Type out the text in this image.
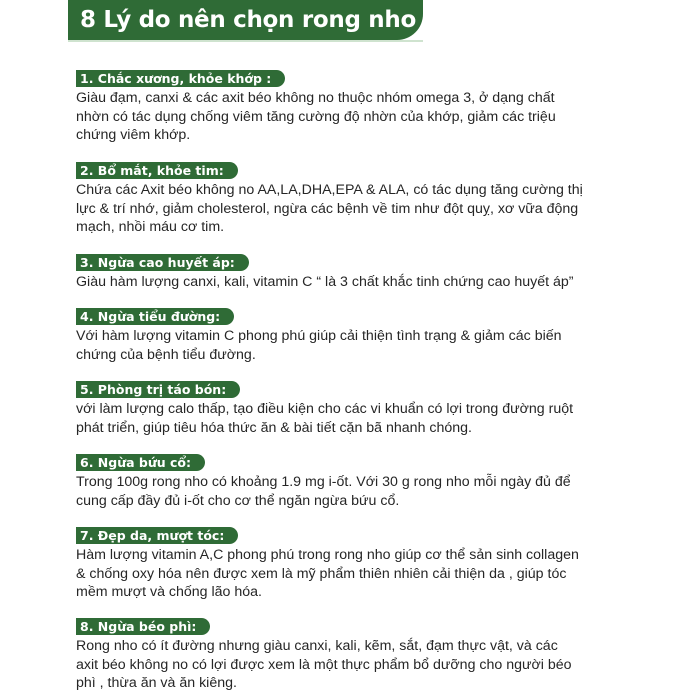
8 Lý do nên chọn rong nho
1. Chắc xương, khỏe khớp :
Giàu đạm, canxi & các axit béo không no thuộc nhóm omega 3, ở dạng chất
nhờn có tác dụng chống viêm tăng cường độ nhờn của khớp, giảm các triệu
chứng viêm khớp.
2. Bổ mắt, khỏe tim:
Chứa các Axit béo không no AA,LA,DHA,EPA & ALA, có tác dụng tăng cường thị
lực & trí nhớ, giảm cholesterol, ngừa các bệnh về tim như đột quỵ, xơ vữa động
mạch, nhồi máu cơ tim.
3. Ngừa cao huyết áp:
Giàu hàm lượng canxi, kali, vitamin C “ là 3 chất khắc tinh chứng cao huyết áp”
4. Ngừa tiểu đường:
Với hàm lượng vitamin C phong phú giúp cải thiện tình trạng & giảm các biến
chứng của bệnh tiểu đường.
5. Phòng trị táo bón:
với làm lượng calo thấp, tạo điều kiện cho các vi khuẩn có lợi trong đường ruột
phát triển, giúp tiêu hóa thức ăn & bài tiết cặn bã nhanh chóng.
6. Ngừa bứu cổ:
Trong 100g rong nho có khoảng 1.9 mg i-ốt. Với 30 g rong nho mỗi ngày đủ để
cung cấp đầy đủ i-ốt cho cơ thể ngăn ngừa bứu cổ.
7. Đẹp da, mượt tóc:
Hàm lượng vitamin A,C phong phú trong rong nho giúp cơ thể sản sinh collagen
& chống oxy hóa nên được xem là mỹ phẩm thiên nhiên cải thiện da , giúp tóc
mềm mượt và chống lão hóa.
8. Ngừa béo phì:
Rong nho có ít đường nhưng giàu canxi, kali, kẽm, sắt, đạm thực vật, và các
axit béo không no có lợi được xem là một thực phẩm bổ dưỡng cho người béo
phì , thừa ăn và ăn kiêng.
